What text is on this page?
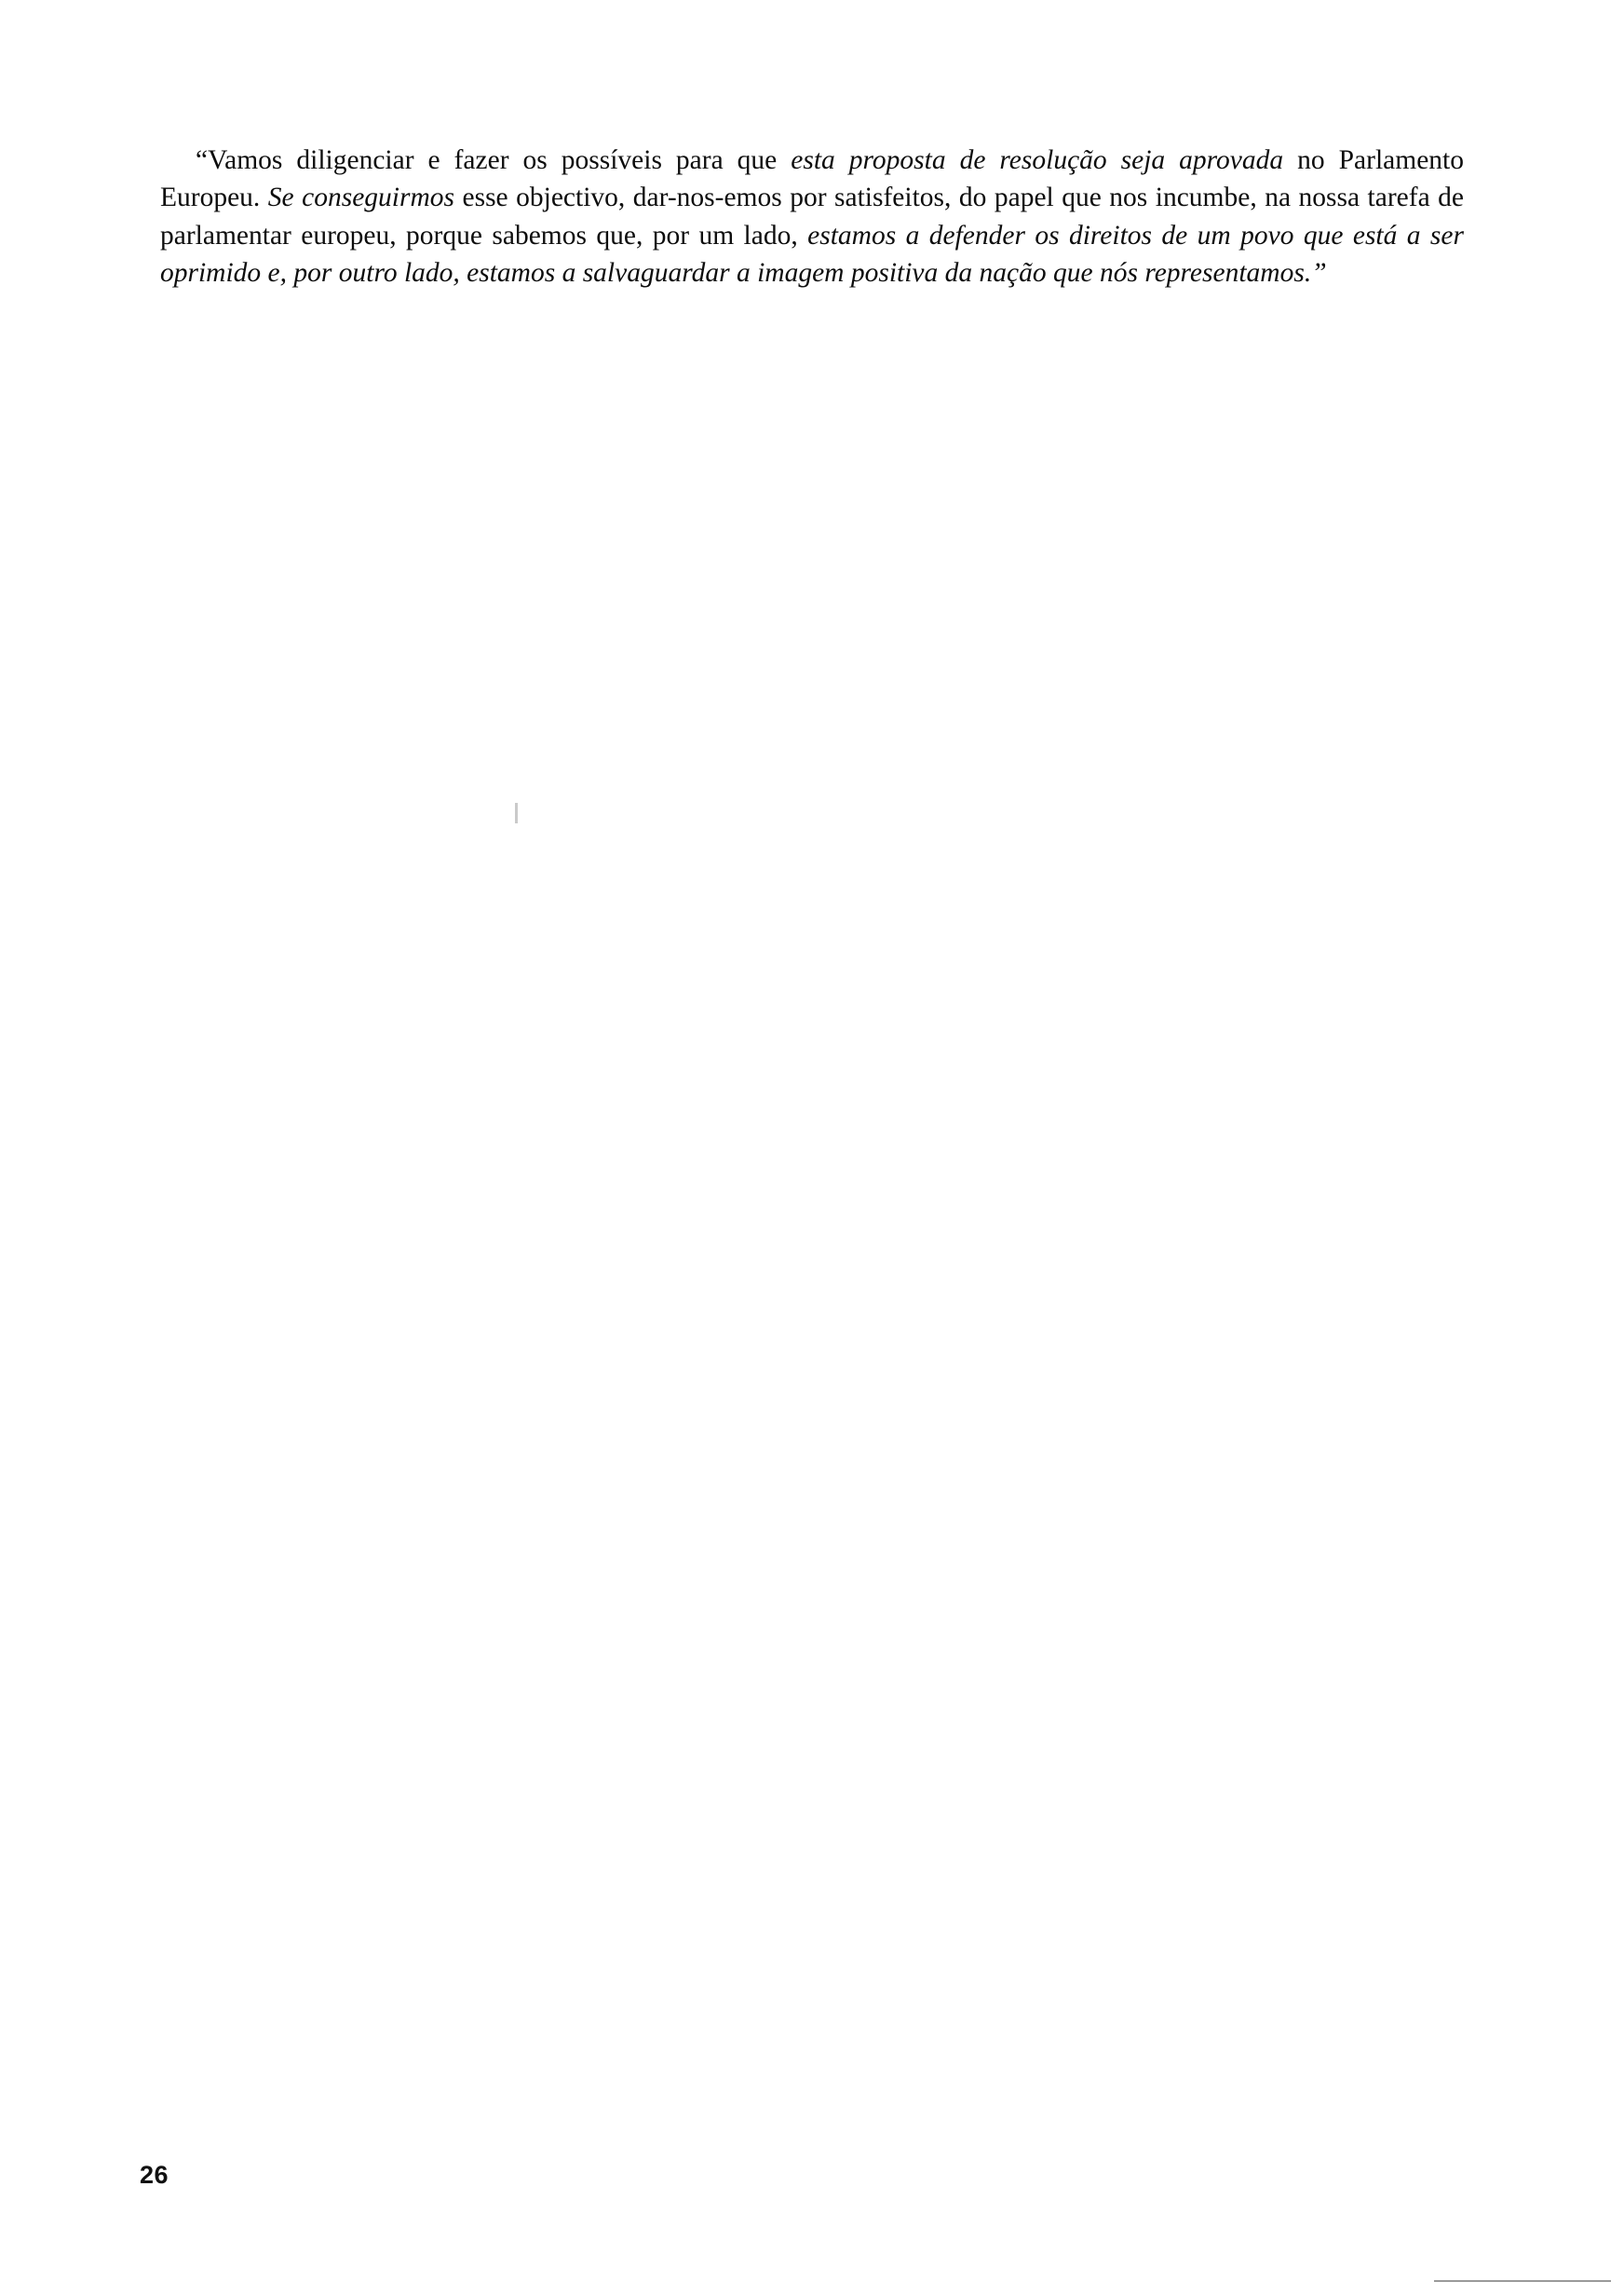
“Vamos diligenciar e fazer os possíveis para que esta proposta de resolução seja aprovada no Parlamento Europeu. Se conseguirmos esse objectivo, dar-nos-emos por satisfeitos, do papel que nos incumbe, na nossa tarefa de parlamentar europeu, porque sabemos que, por um lado, estamos a defender os direitos de um povo que está a ser oprimido e, por outro lado, estamos a salvaguardar a imagem positiva da nação que nós representamos.”

26
